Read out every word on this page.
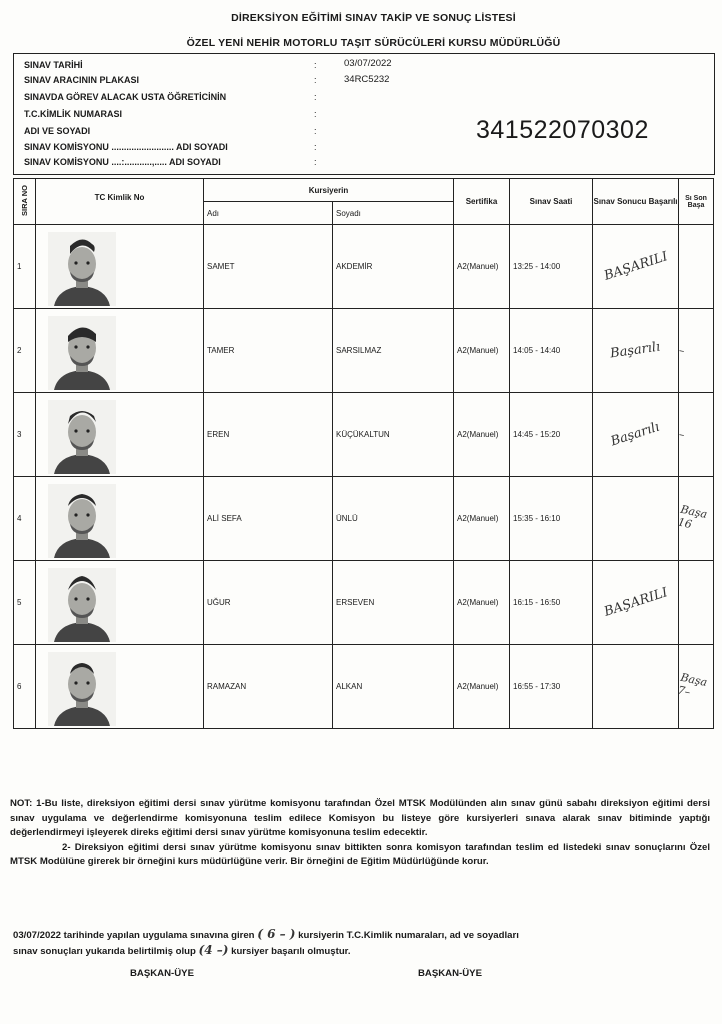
DİREKSİYON EĞİTİMİ SINAV TAKİP VE SONUÇ LİSTESİ
ÖZEL YENİ NEHİR MOTORLU TAŞIT SÜRÜCÜLERİ KURSU MÜDÜRLÜĞÜ
SINAV TARİHİ	:	03/07/2022
SINAV ARACININ PLAKASI	:	34RC5232
SINAVDA GÖREV ALACAK USTA ÖĞRETİCİNİN	:
T.C.KİMLİK NUMARASI	:
ADI VE SOYADI	:
SINAV KOMİSYONU ......................... ADI SOYADI	:
SINAV KOMİSYONU ....:...........,..... ADI SOYADI	:
341522070302
SIRA NO	TC Kimlik No	Kursiyerin		Sertifika	Sınav Saati	Sınav Sonucu Başarılı	Sı Son Başa
		Adı	Soyadı				
1		SAMET	AKDEMİR	A2(Manuel)	13:25 - 14:00	BAŞARILI	
2		TAMER	SARSILMAZ	A2(Manuel)	14:05 - 14:40	Başarılı	–
3		EREN	KÜÇÜKALTUN	A2(Manuel)	14:45 - 15:20	Başarılı	–
4		ALİ SEFA	ÜNLÜ	A2(Manuel)	15:35 - 16:10		Başa 16
5		UĞUR	ERSEVEN	A2(Manuel)	16:15 - 16:50	BAŞARILI	
6		RAMAZAN	ALKAN	A2(Manuel)	16:55 - 17:30		Başa 7–

NOT: 1-Bu liste, direksiyon eğitimi dersi sınav yürütme komisyonu tarafından Özel MTSK Modülünden alın sınav günü sabahı direksiyon eğitimi dersi sınav uygulama ve değerlendirme komisyonuna teslim edilece Komisyon bu listeye göre kursiyerleri sınava alarak sınav bitiminde yaptığı değerlendirmeyi işleyerek direks eğitimi dersi sınav yürütme komisyonuna teslim edecektir.

2- Direksiyon eğitimi dersi sınav yürütme komisyonu sınav bittikten sonra komisyon tarafından teslim ed listedeki sınav sonuçlarını Özel MTSK Modülüne girerek bir örneğini kurs müdürlüğüne verir. Bir örneğini de Eğitim Müdürlüğünde korur.

03/07/2022 tarihinde yapılan uygulama sınavına giren ( 6 – ) kursiyerin T.C.Kimlik numaraları, ad ve soyadları
sınav sonuçları yukarıda belirtilmiş olup (4 –) kursiyer başarılı olmuştur.
BAŞKAN-ÜYE	BAŞKAN-ÜYE
